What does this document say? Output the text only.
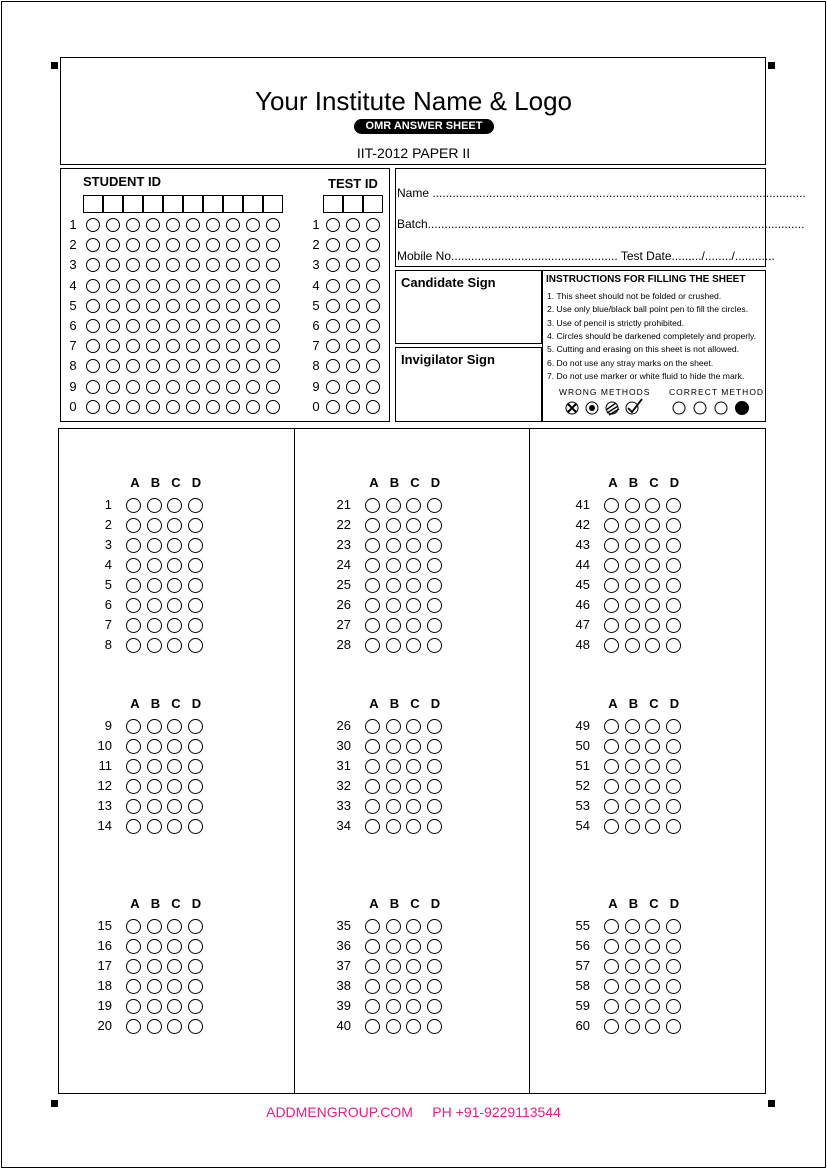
Your Institute Name & Logo
OMR ANSWER SHEET
IIT-2012 PAPER II
STUDENT ID	TEST ID
1
2
3
4
5
6
7
8
9
0
1
2
3
4
5
6
7
8
9
0
Name ................................................................................................................
Batch.................................................................................................................
Mobile No.................................................. Test Date........./......../............
Candidate Sign
Invigilator Sign
INSTRUCTIONS FOR FILLING THE SHEET
1. This sheet should not be folded or crushed.
2. Use only blue/black ball point pen to fill the circles.
3. Use of pencil is strictly prohibited.
4. Circles should be darkened completely and properly.
5. Cutting and erasing on this sheet is not allowed.
6. Do not use any stray marks on the sheet.
7. Do not use marker or white fluid to hide the mark.
WRONG METHODS CORRECT METHOD
A B C D
1
2
3
4
5
6
7
8
A B C D
9
10
11
12
13
14
A B C D
15
16
17
18
19
20
A B C D
21
22
23
24
25
26
27
28
A B C D
26
30
31
32
33
34
A B C D
35
36
37
38
39
40
A B C D
41
42
43
44
45
46
47
48
A B C D
49
50
51
52
53
54
A B C D
55
56
57
58
59
60
ADDMENGROUP.COM     PH +91-9229113544
